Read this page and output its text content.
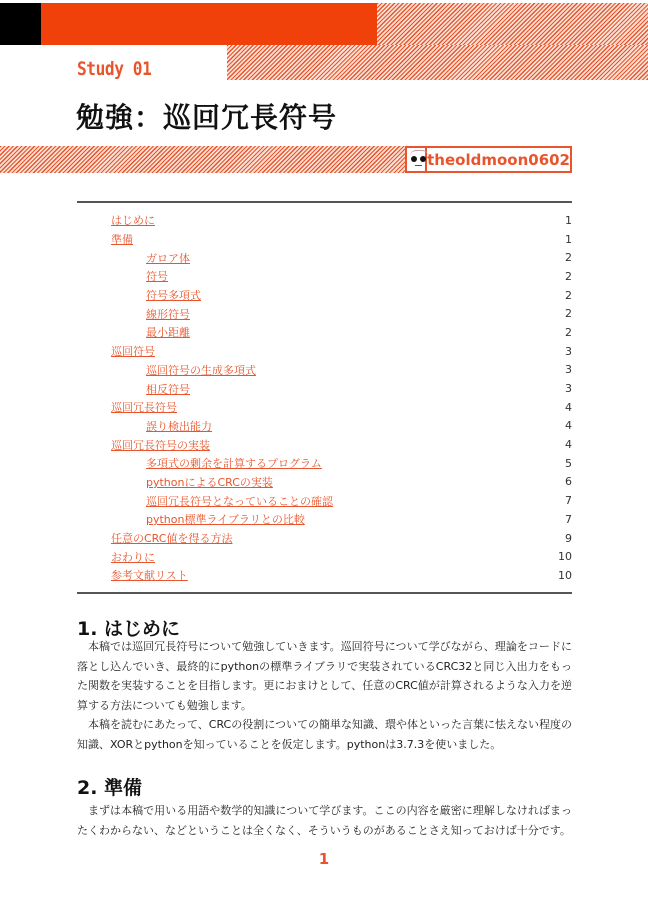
Study 01
勉強：巡回冗長符号
theoldmoon0602
はじめに	1
準備	1
ガロア体	2
符号	2
符号多項式	2
線形符号	2
最小距離	2
巡回符号	3
巡回符号の生成多項式	3
相反符号	3
巡回冗長符号	4
誤り検出能力	4
巡回冗長符号の実装	4
多項式の剰余を計算するプログラム	5
pythonによるCRCの実装	6
巡回冗長符号となっていることの確認	7
python標準ライブラリとの比較	7
任意のCRC値を得る方法	9
おわりに	10
参考文献リスト	10
1. はじめに
本稿では巡回冗長符号について勉強していきます。巡回符号について学びながら、理論をコードに落とし込んでいき、最終的にpythonの標準ライブラリで実装されているCRC32と同じ入出力をもった関数を実装することを目指します。更におまけとして、任意のCRC値が計算されるような入力を逆算する方法についても勉強します。
本稿を読むにあたって、CRCの役割についての簡単な知識、環や体といった言葉に怯えない程度の知識、XORとpythonを知っていることを仮定します。pythonは3.7.3を使いました。
2. 準備
まずは本稿で用いる用語や数学的知識について学びます。ここの内容を厳密に理解しなければまったくわからない、などということは全くなく、そういうものがあることさえ知っておけば十分です。
1
